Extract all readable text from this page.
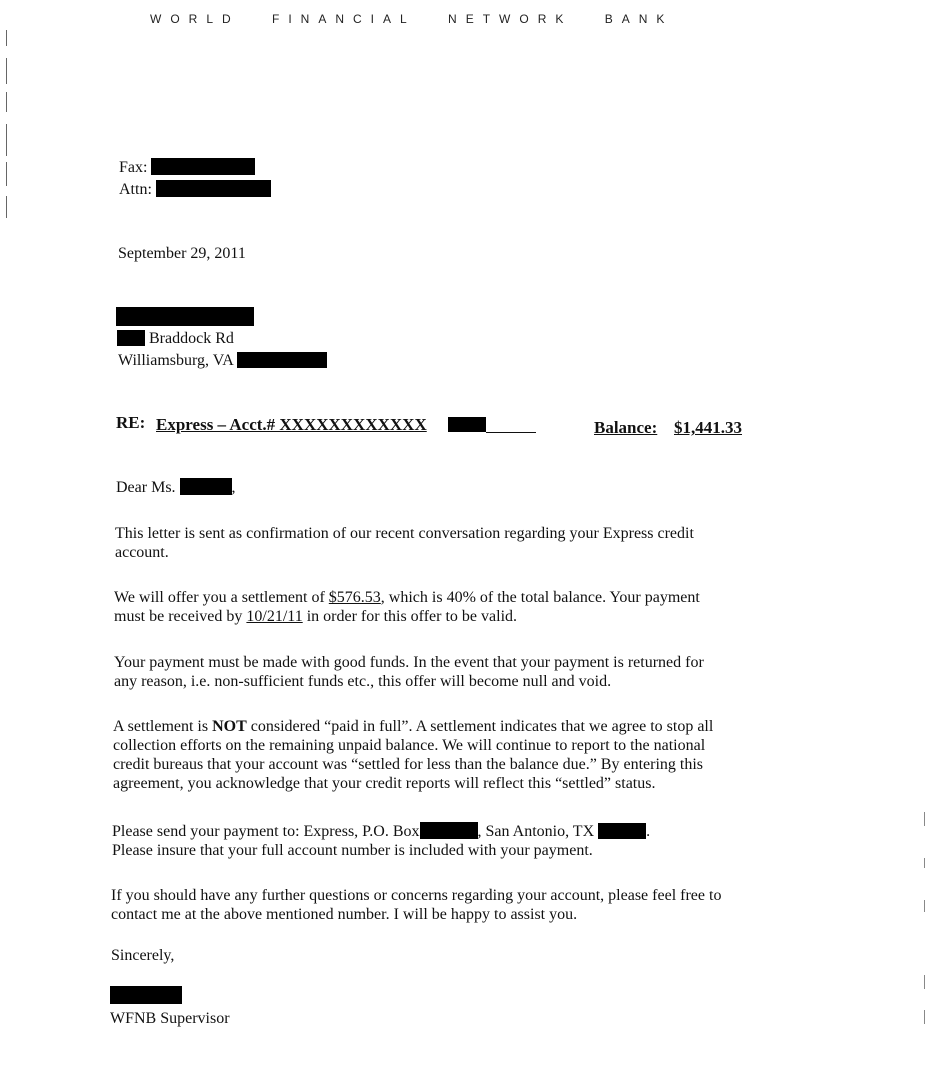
WORLD	FINANCIAL	NETWORK	BANK
Fax:
Attn:
September 29, 2011
Braddock Rd
Williamsburg, VA
RE: Express – Acct.# XXXXXXXXXXXX	Balance: $1,441.33
Dear Ms.	,
This letter is sent as confirmation of our recent conversation regarding your Express credit
account.
We will offer you a settlement of $576.53, which is 40% of the total balance. Your payment
must be received by 10/21/11 in order for this offer to be valid.
Your payment must be made with good funds. In the event that your payment is returned for
any reason, i.e. non-sufficient funds etc., this offer will become null and void.
A settlement is NOT considered “paid in full”. A settlement indicates that we agree to stop all
collection efforts on the remaining unpaid balance. We will continue to report to the national
credit bureaus that your account was “settled for less than the balance due.” By entering this
agreement, you acknowledge that your credit reports will reflect this “settled” status.
Please send your payment to: Express, P.O. Box	, San Antonio, TX	.
Please insure that your full account number is included with your payment.
If you should have any further questions or concerns regarding your account, please feel free to
contact me at the above mentioned number. I will be happy to assist you.
Sincerely,
WFNB Supervisor
